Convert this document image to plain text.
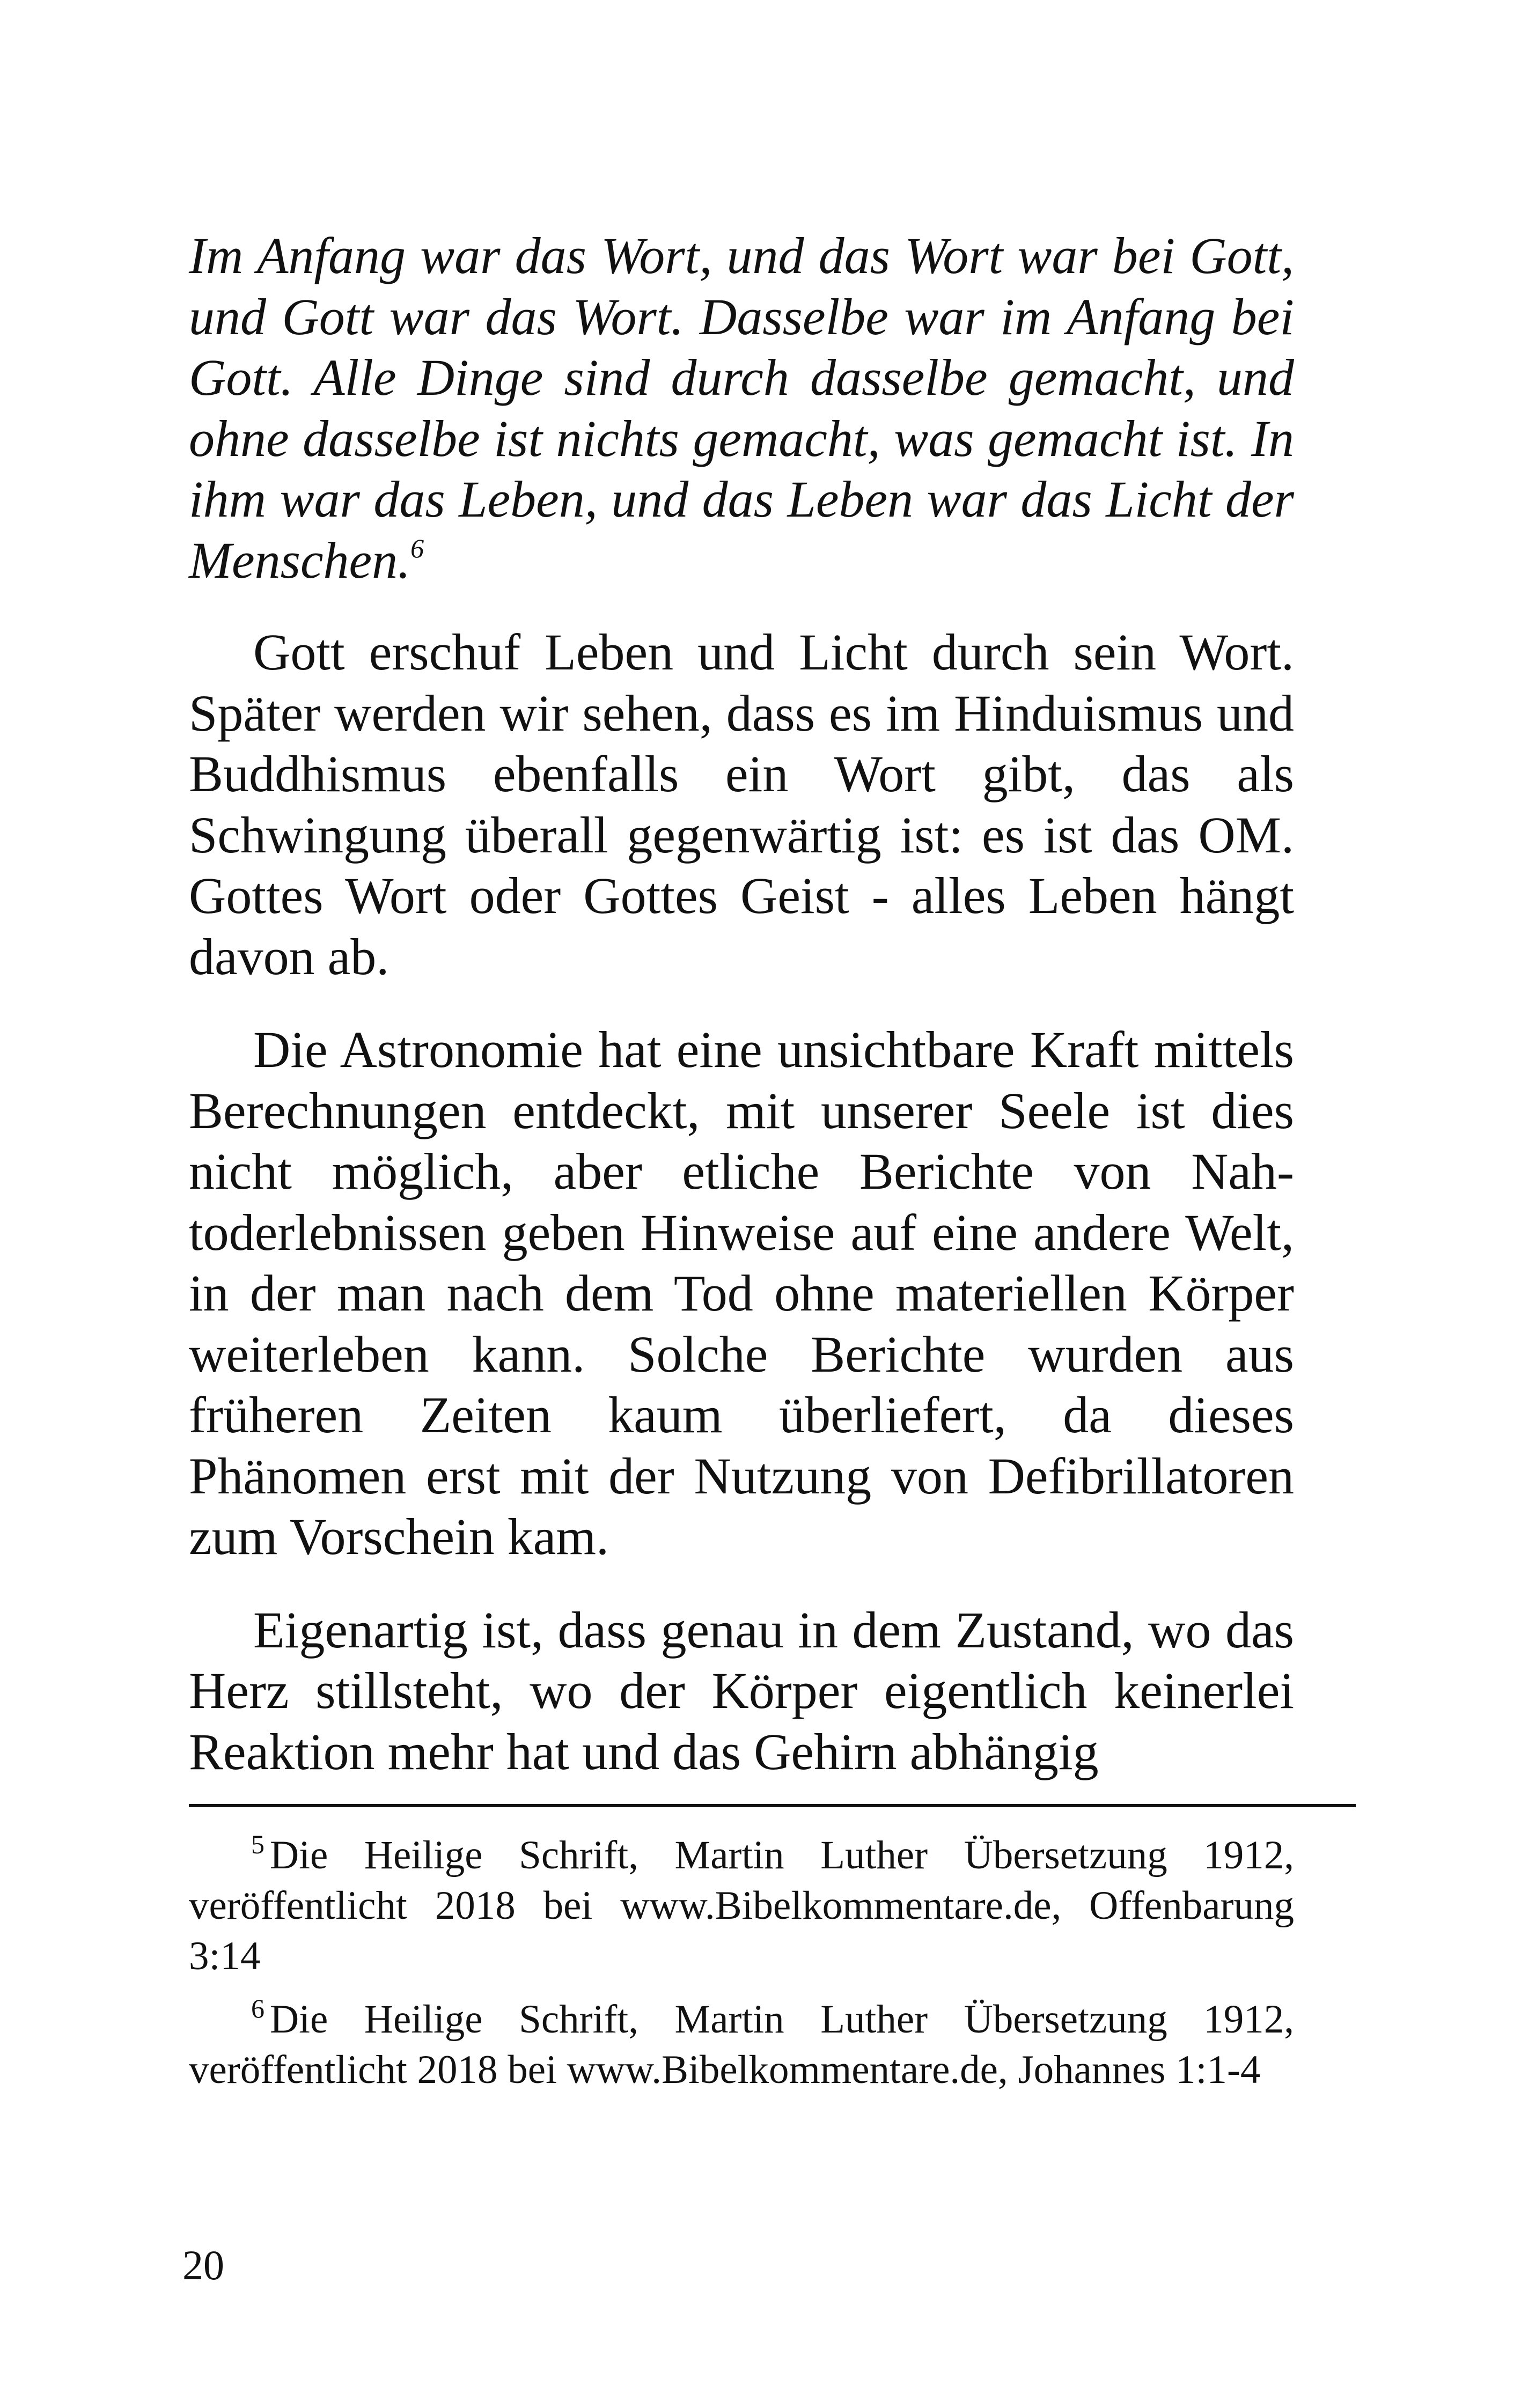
Im Anfang war das Wort, und das Wort war bei Gott, und Gott war das Wort. Dasselbe war im Anfang bei Gott. Alle Dinge sind durch dasselbe gemacht, und ohne dasselbe ist nichts gemacht, was gemacht ist. In ihm war das Leben, und das Leben war das Licht der Menschen.$^6$

Gott erschuf Leben und Licht durch sein Wort. Später werden wir sehen, dass es im Hinduismus und Buddhismus ebenfalls ein Wort gibt, das als Schwingung überall gegenwärtig ist: es ist das OM. Gottes Wort oder Gottes Geist - alles Leben hängt davon ab.

Die Astronomie hat eine unsichtbare Kraft mittels Berechnungen entdeckt, mit unserer Seele ist dies nicht möglich, aber etliche Berichte von Nahtoderlebnissen geben Hinweise auf eine andere Welt, in der man nach dem Tod ohne materiellen Körper weiterleben kann. Solche Berichte wurden aus früheren Zeiten kaum überliefert, da dieses Phänomen erst mit der Nutzung von Defibrillatoren zum Vorschein kam.

Eigenartig ist, dass genau in dem Zustand, wo das Herz stillsteht, wo der Körper eigentlich keinerlei Reaktion mehr hat und das Gehirn abhängig

$^5$ Die Heilige Schrift, Martin Luther Übersetzung 1912, veröffentlicht 2018 bei www.Bibelkommentare.de, Offenbarung 3:14

$^6$ Die Heilige Schrift, Martin Luther Übersetzung 1912, veröffentlicht 2018 bei www.Bibelkommentare.de, Johannes 1:1-4

20
